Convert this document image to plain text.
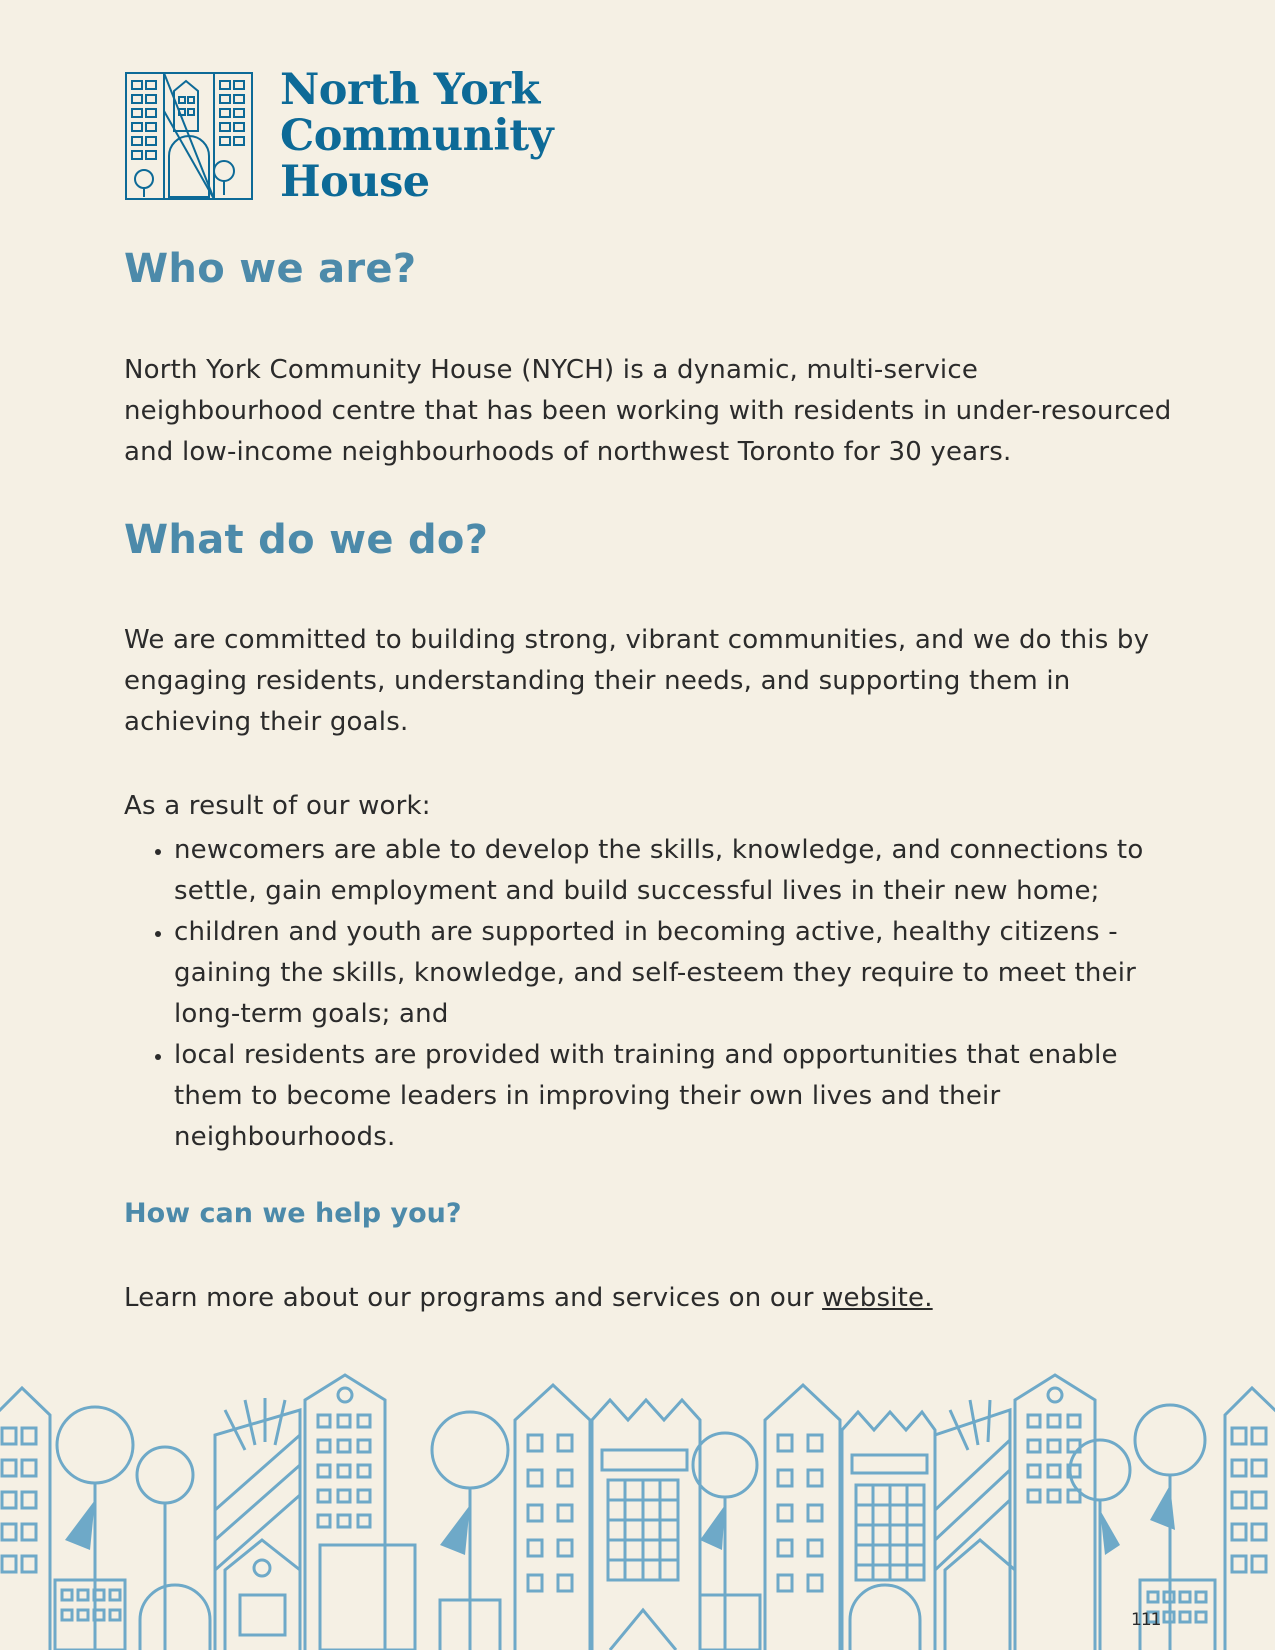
North York
Community
House
Who we are?

North York Community House (NYCH) is a dynamic, multi-service
neighbourhood centre that has been working with residents in under-resourced
and low-income neighbourhoods of northwest Toronto for 30 years.

What do we do?

We are committed to building strong, vibrant communities, and we do this by
engaging residents, understanding their needs, and supporting them in
achieving their goals.

As a result of our work:

• newcomers are able to develop the skills, knowledge, and connections to
settle, gain employment and build successful lives in their new home;
• children and youth are supported in becoming active, healthy citizens -
gaining the skills, knowledge, and self-esteem they require to meet their
long-term goals; and
• local residents are provided with training and opportunities that enable
them to become leaders in improving their own lives and their
neighbourhoods.
How can we help you?

Learn more about our programs and services on our website.

111
